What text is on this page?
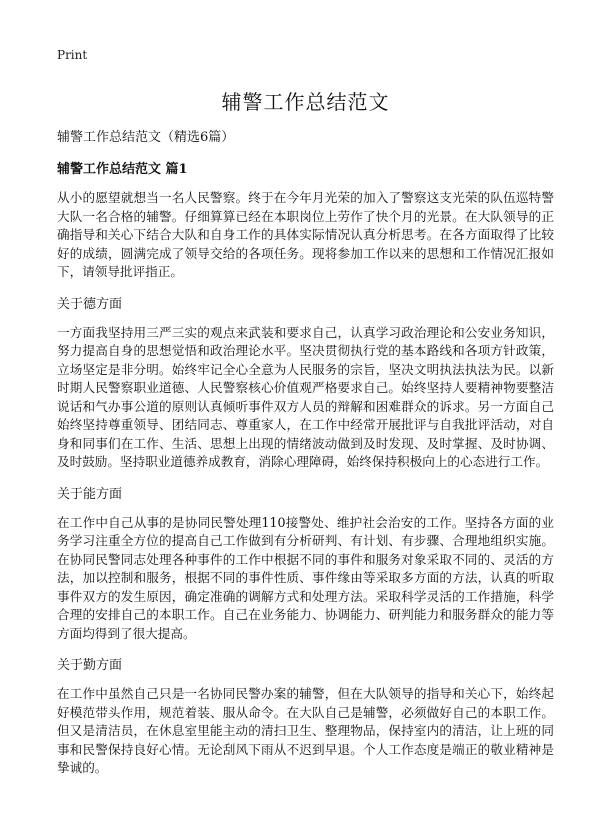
Print
辅警工作总结范文

辅警工作总结范文（精选6篇）

辅警工作总结范文 篇1

从小的愿望就想当一名人民警察。终于在今年月光荣的加入了警察这支光荣的队伍巡特警大队一名合格的辅警。仔细算算已经在本职岗位上劳作了快个月的光景。在大队领导的正确指导和关心下结合大队和自身工作的具体实际情况认真分析思考。在各方面取得了比较好的成绩，圆满完成了领导交给的各项任务。现将参加工作以来的思想和工作情况汇报如下，请领导批评指正。

关于德方面

一方面我坚持用三严三实的观点来武装和要求自己，认真学习政治理论和公安业务知识，努力提高自身的思想觉悟和政治理论水平。坚决贯彻执行党的基本路线和各项方针政策，立场坚定是非分明。始终牢记全心全意为人民服务的宗旨，坚决文明执法执法为民。以新时期人民警察职业道德、人民警察核心价值观严格要求自己。始终坚持人要精神物要整洁说话和气办事公道的原则认真倾听事件双方人员的辩解和困难群众的诉求。另一方面自己始终坚持尊重领导、团结同志、尊重家人，在工作中经常开展批评与自我批评活动，对自身和同事们在工作、生活、思想上出现的情绪波动做到及时发现、及时掌握、及时协调、及时鼓励。坚持职业道德养成教育，消除心理障碍，始终保持积极向上的心态进行工作。

关于能方面

在工作中自己从事的是协同民警处理110接警处、维护社会治安的工作。坚持各方面的业务学习注重全方位的提高自己工作做到有分析研判、有计划、有步骤、合理地组织实施。在协同民警同志处理各种事件的工作中根据不同的事件和服务对象采取不同的、灵活的方法，加以控制和服务，根据不同的事件性质、事件缘由等采取多方面的方法，认真的听取事件双方的发生原因，确定准确的调解方式和处理方法。采取科学灵活的工作措施，科学合理的安排自己的本职工作。自己在业务能力、协调能力、研判能力和服务群众的能力等方面均得到了很大提高。

关于勤方面

在工作中虽然自己只是一名协同民警办案的辅警，但在大队领导的指导和关心下，始终起好模范带头作用，规范着装、服从命令。在大队自己是辅警，必须做好自己的本职工作。但又是清洁员，在休息室里能主动的清扫卫生、整理物品，保持室内的清洁，让上班的同事和民警保持良好心情。无论刮风下雨从不迟到早退。个人工作态度是端正的敬业精神是挚诚的。
